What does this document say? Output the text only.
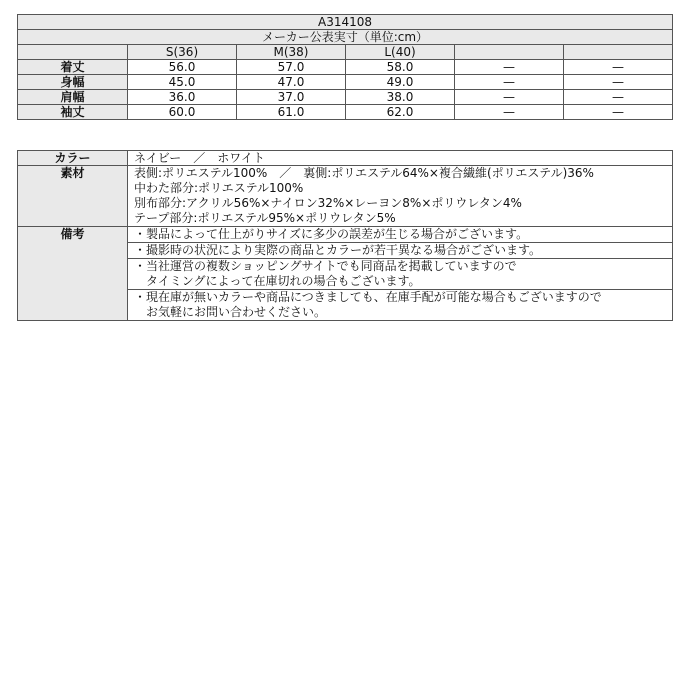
A314108					
メーカー公表実寸（単位:cm）					
	S(36)	M(38)	L(40)		
着丈	56.0	57.0	58.0	—	—
身幅	45.0	47.0	49.0	—	—
肩幅	36.0	37.0	38.0	—	—
袖丈	60.0	61.0	62.0	—	—
カラー	ネイビー　／　ホワイト
素材	表側:ポリエステル100%　／　裏側:ポリエステル64%×複合繊維(ポリエステル)36%
中わた部分:ポリエステル100%
別布部分:アクリル56%×ナイロン32%×レーヨン8%×ポリウレタン4%
テープ部分:ポリエステル95%×ポリウレタン5%

備考	・製品によって仕上がりサイズに多少の誤差が生じる場合がございます。

	・撮影時の状況により実際の商品とカラーが若干異なる場合がございます。

	・当社運営の複数ショッピングサイトでも同商品を掲載していますので
　タイミングによって在庫切れの場合もございます。

	・現在庫が無いカラーや商品につきましても、在庫手配が可能な場合もございますので
　お気軽にお問い合わせください。
